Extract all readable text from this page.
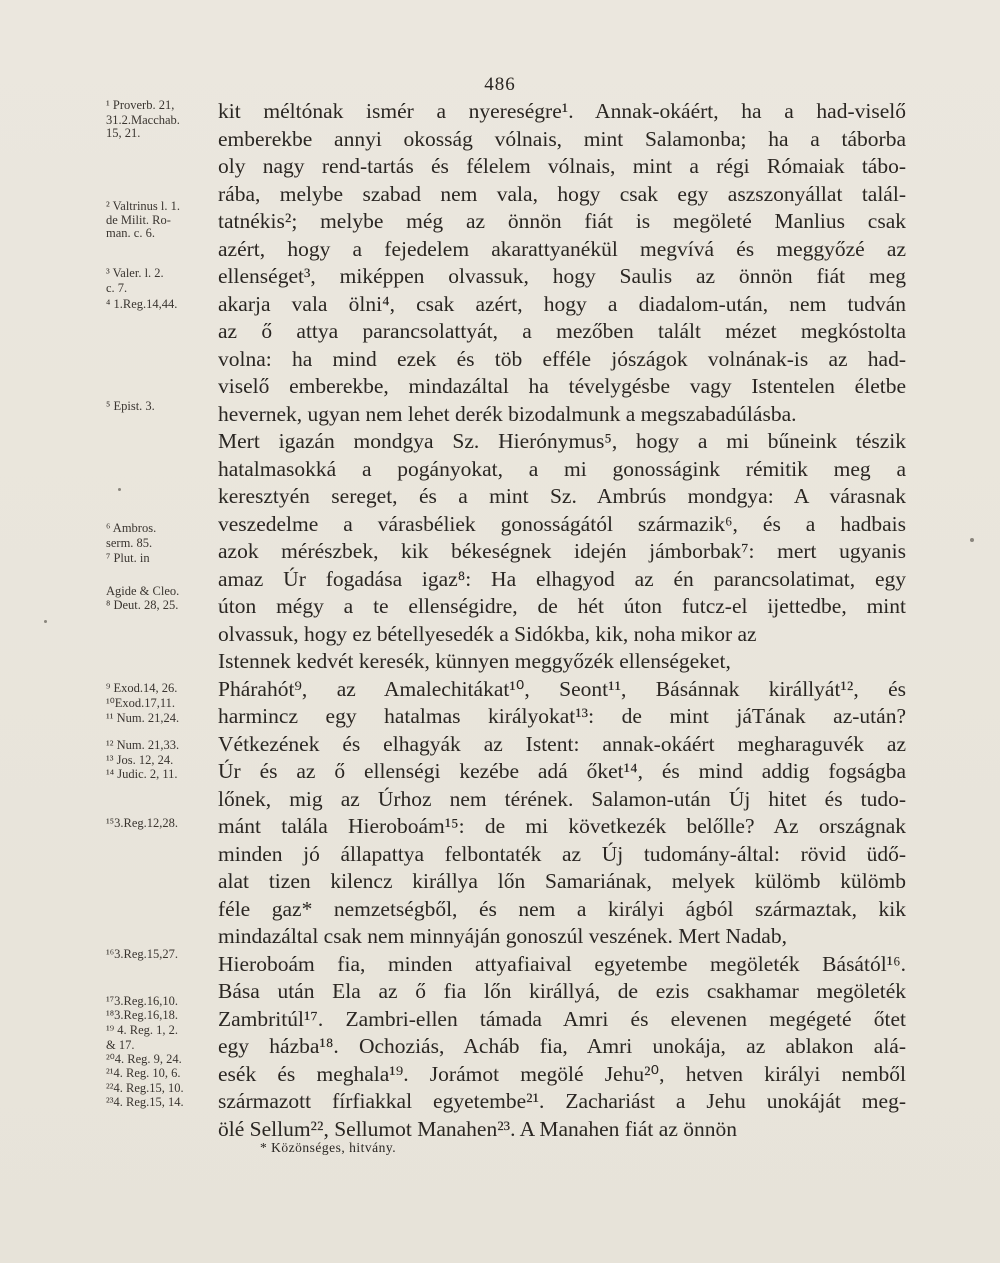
486
¹ Proverb. 21,
31.2.Macchab.
15, 21.
² Valtrinus l. 1.
de Milit. Ro-
man. c. 6.
³ Valer. l. 2.
c. 7.
⁴ 1.Reg.14,44.
⁵ Epist. 3.
⁶ Ambros.
serm. 85.
⁷ Plut. in
Agide & Cleo.
⁸ Deut. 28, 25.
⁹ Exod.14, 26.
¹⁰Exod.17,11.
¹¹ Num. 21,24.
¹² Num. 21,33.
¹³ Jos. 12, 24.
¹⁴ Judic. 2, 11.
¹⁵3.Reg.12,28.
¹⁶3.Reg.15,27.
¹⁷3.Reg.16,10.
¹⁸3.Reg.16,18.
¹⁹ 4. Reg. 1, 2.
& 17.
²⁰4. Reg. 9, 24.
²¹4. Reg. 10, 6.
²²4. Reg.15, 10.
²³4. Reg.15, 14.
kit méltónak ismér a nyereségre¹. Annak-okáért, ha a had-viselő
emberekbe annyi okosság vólnais, mint Salamonba; ha a táborba
oly nagy rend-tartás és félelem vólnais, mint a régi Rómaiak tábo-
rába, melybe szabad nem vala, hogy csak egy aszszonyállat talál-
tatnékis²; melybe még az önnön fiát is megöleté Manlius csak
azért, hogy a fejedelem akarattyanékül megvívá és meggyőzé az
ellenséget³, miképpen olvassuk, hogy Saulis az önnön fiát meg
akarja vala ölni⁴, csak azért, hogy a diadalom-után, nem tudván
az ő attya parancsolattyát, a mezőben talált mézet megkóstolta
volna: ha mind ezek és töb efféle jószágok volnának-is az had-
viselő emberekbe, mindazáltal ha tévelygésbe vagy Istentelen életbe
hevernek, ugyan nem lehet derék bizodalmunk a megszabadúlásba.
Mert igazán mondgya Sz. Hierónymus⁵, hogy a mi bűneink tészik
hatalmasokká a pogányokat, a mi gonosságink rémitik meg a
keresztyén sereget, és a mint Sz. Ambrús mondgya: A várasnak
veszedelme a várasbéliek gonosságától származik⁶, és a hadbais
azok mérészbek, kik békeségnek idején jámborbak⁷: mert ugyanis
amaz Úr fogadása igaz⁸: Ha elhagyod az én parancsolatimat, egy
úton mégy a te ellenségidre, de hét úton futcz-el ijettedbe, mint
olvassuk, hogy ez bétellyesedék a Sidókba, kik, noha mikor az
Istennek kedvét keresék, künnyen meggyőzék ellenségeket,
Phárahót⁹, az Amalechitákat¹⁰, Seont¹¹, Básánnak királlyát¹², és
harmincz egy hatalmas királyokat¹³: de mint jáTának az-után?
Vétkezének és elhagyák az Istent: annak-okáért megharaguvék az
Úr és az ő ellenségi kezébe adá őket¹⁴, és mind addig fogságba
lőnek, mig az Úrhoz nem térének. Salamon-után Új hitet és tudo-
mánt talála Hieroboám¹⁵: de mi következék belőlle? Az országnak
minden jó állapattya felbontaték az Új tudomány-által: rövid üdő-
alat tizen kilencz királlya lőn Samariának, melyek külömb külömb
féle gaz* nemzetségből, és nem a királyi ágból származtak, kik
mindazáltal csak nem minnyáján gonoszúl veszének. Mert Nadab,
Hieroboám fia, minden attyafiaival egyetembe megöleték Básától¹⁶.
Bása után Ela az ő fia lőn királlyá, de ezis csakhamar megöleték
Zambritúl¹⁷. Zambri-ellen támada Amri és elevenen megégeté őtet
egy házba¹⁸. Ochoziás, Acháb fia, Amri unokája, az ablakon alá-
esék és meghala¹⁹. Jorámot megölé Jehu²⁰, hetven királyi nemből
származott fírfiakkal egyetembe²¹. Zachariást a Jehu unokáját meg-
ölé Sellum²², Sellumot Manahen²³. A Manahen fiát az önnön
* Közönséges, hitvány.
